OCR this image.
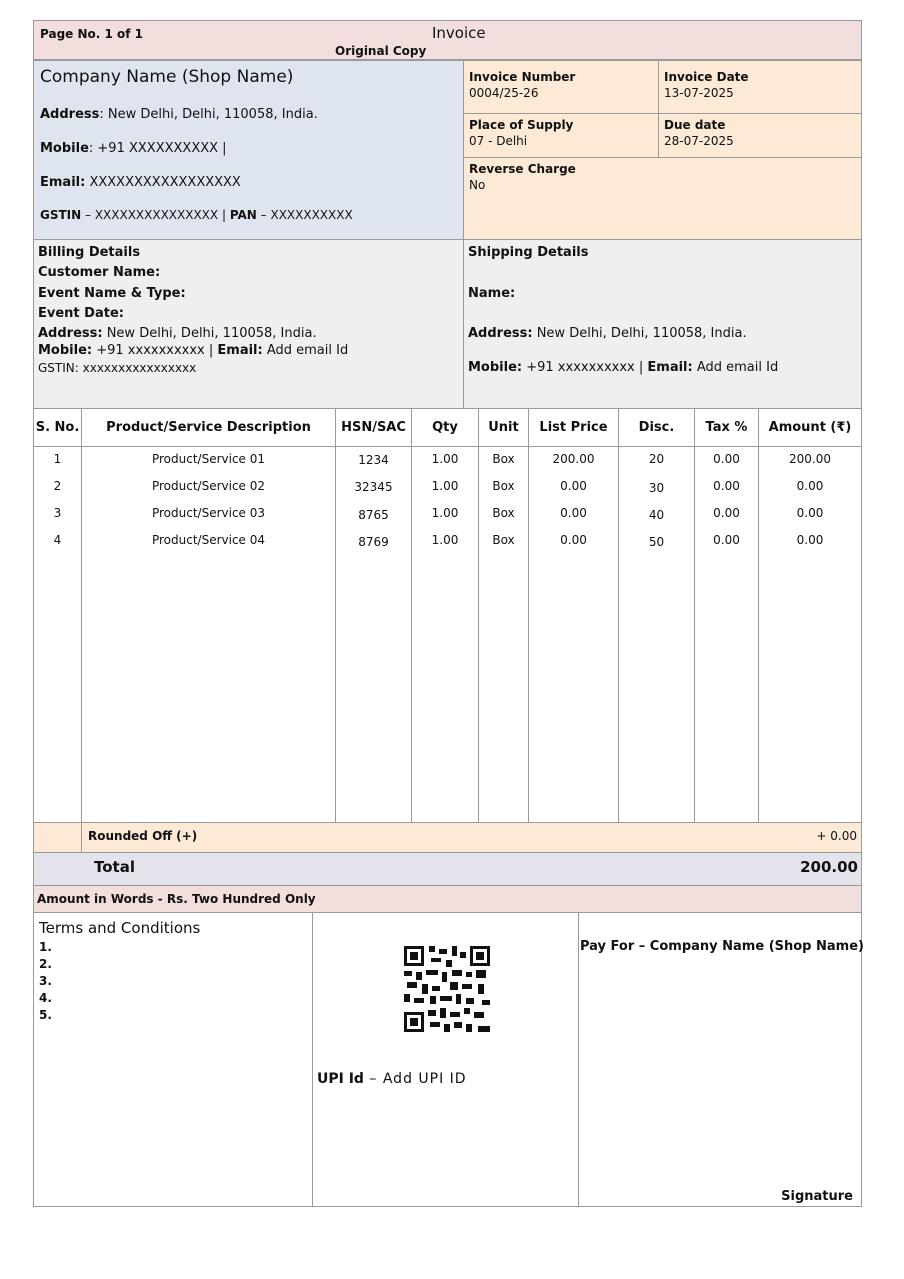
Page No. 1 of 1	Invoice
Original Copy
Company Name (Shop Name)
Address: New Delhi, Delhi, 110058, India.
Mobile: +91 XXXXXXXXXX |
Email: XXXXXXXXXXXXXXXXX
GSTIN – XXXXXXXXXXXXXXX | PAN – XXXXXXXXXX
Invoice Number
0004/25-26
Invoice Date
13-07-2025
Place of Supply
07 - Delhi
Due date
28-07-2025
Reverse Charge
No
Billing Details
Customer Name:
Event Name & Type:
Event Date:
Address: New Delhi, Delhi, 110058, India.
Mobile: +91 xxxxxxxxxx | Email: Add email Id
GSTIN: xxxxxxxxxxxxxxxx
Shipping Details
Name:
Address: New Delhi, Delhi, 110058, India.
Mobile: +91 xxxxxxxxxx | Email: Add email Id
S. No.	Product/Service Description	HSN/SAC	Qty	Unit	List Price	Disc.	Tax %	Amount (₹)
1	Product/Service 01	1234	1.00	Box	200.00	20	0.00	200.00
2	Product/Service 02	32345	1.00	Box	0.00	30	0.00	0.00
3	Product/Service 03	8765	1.00	Box	0.00	40	0.00	0.00
4	Product/Service 04	8769	1.00	Box	0.00	50	0.00	0.00
Rounded Off (+)	+ 0.00
Total	200.00
Amount in Words - Rs. Two Hundred Only
Terms and Conditions
1.
2.
3.
4.
5.
UPI Id – Add UPI ID
Pay For – Company Name (Shop Name)
Signature
